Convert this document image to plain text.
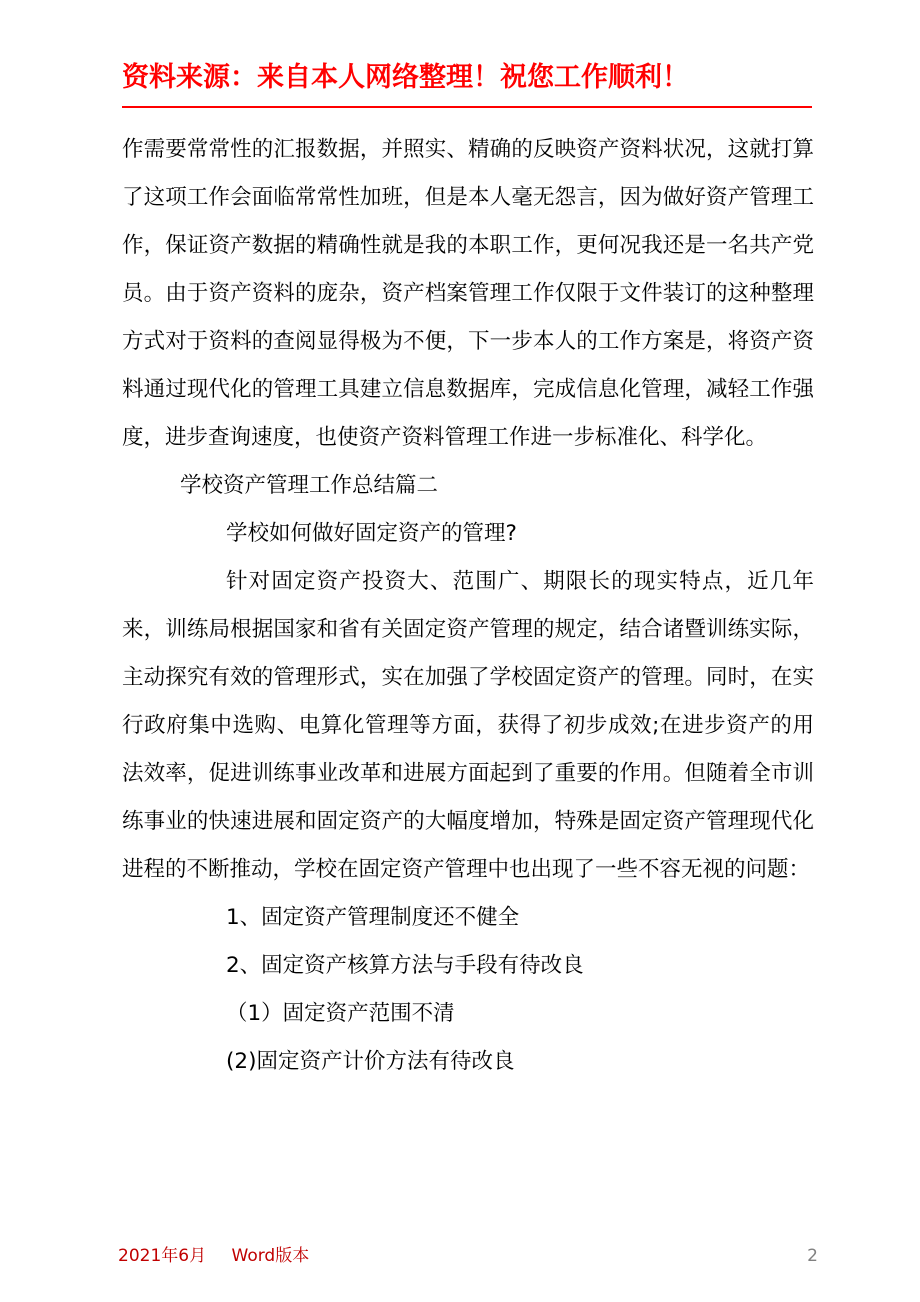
资料来源：来自本人网络整理！祝您工作顺利！

作需要常常性的汇报数据，并照实、精确的反映资产资料状况，这就打算了这项工作会面临常常性加班，但是本人毫无怨言，因为做好资产管理工作，保证资产数据的精确性就是我的本职工作，更何况我还是一名共产党员。由于资产资料的庞杂，资产档案管理工作仅限于文件装订的这种整理方式对于资料的查阅显得极为不便，下一步本人的工作方案是，将资产资料通过现代化的管理工具建立信息数据库，完成信息化管理，减轻工作强度，进步查询速度，也使资产资料管理工作进一步标准化、科学化。

学校资产管理工作总结篇二

学校如何做好固定资产的管理?

针对固定资产投资大、范围广、期限长的现实特点，近几年来，训练局根据国家和省有关固定资产管理的规定，结合诸暨训练实际，主动探究有效的管理形式，实在加强了学校固定资产的管理。同时，在实行政府集中选购、电算化管理等方面，获得了初步成效;在进步资产的用法效率，促进训练事业改革和进展方面起到了重要的作用。但随着全市训练事业的快速进展和固定资产的大幅度增加，特殊是固定资产管理现代化进程的不断推动，学校在固定资产管理中也出现了一些不容无视的问题：

1、固定资产管理制度还不健全

2、固定资产核算方法与手段有待改良

（1）固定资产范围不清

(2)固定资产计价方法有待改良

2021年6月 Word版本	2
